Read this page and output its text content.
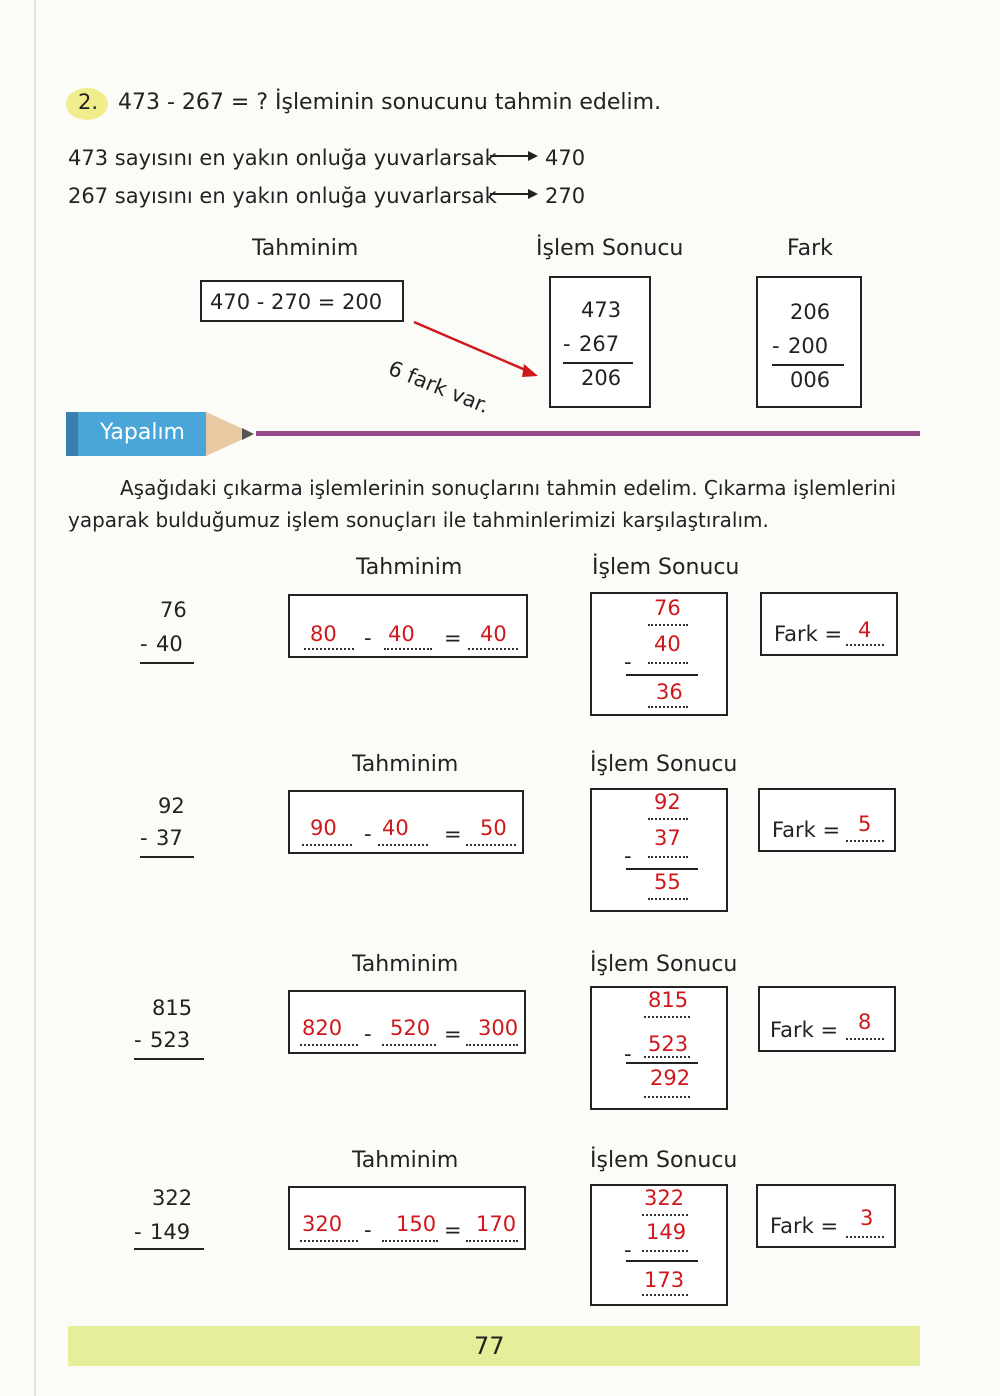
2. 473 - 267 = ? İşleminin sonucunu tahmin edelim.
473 sayısını en yakın onluğa yuvarlarsak 470
267 sayısını en yakın onluğa yuvarlarsak 270
Tahminim	İşlem Sonucu	Fark
470 - 270 = 200	473
- 267
206
206
- 200
006
6 fark var.
Yapalım
Aşağıdaki çıkarma işlemlerinin sonuçlarını tahmin edelim. Çıkarma işlemlerini
yaparak bulduğumuz işlem sonuçları ile tahminlerimizi karşılaştıralım.
Tahminim	İşlem Sonucu
76
- 40	80 - 40 = 40
76
40
-
36
Fark = 4
Tahminim	İşlem Sonucu
92
- 37	90 - 40 = 50
92
37
-
55
Fark = 5
Tahminim	İşlem Sonucu
815
- 523	820 - 520 = 300
815
523
-
292
Fark = 8
Tahminim	İşlem Sonucu
322
- 149	320 - 150 = 170
322
149
-
173
Fark = 3
77
